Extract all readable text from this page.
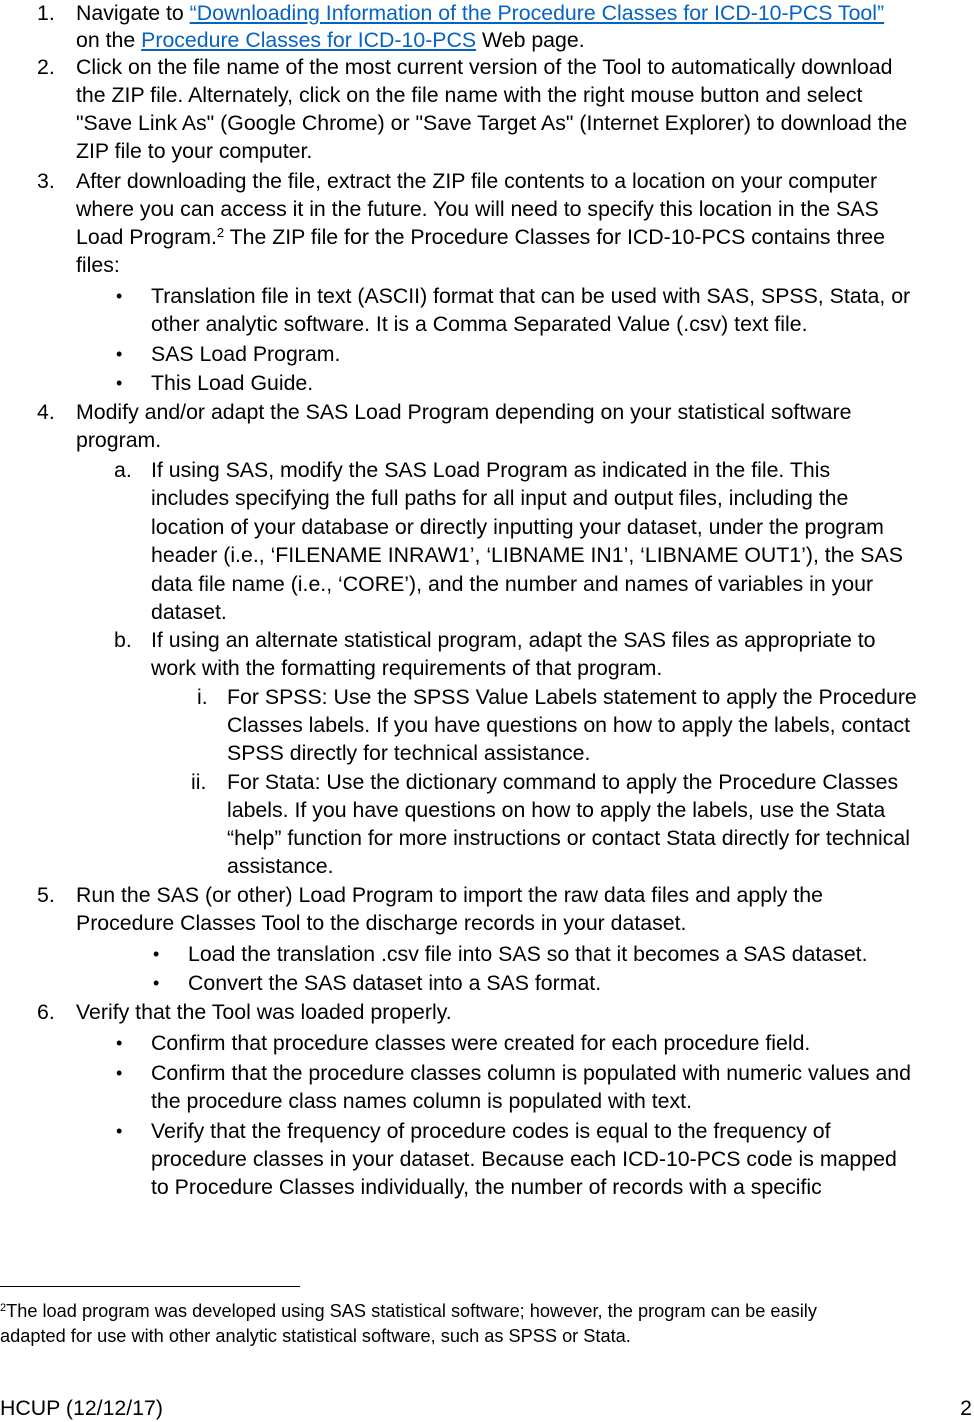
1. Navigate to “Downloading Information of the Procedure Classes for ICD-10-PCS Tool”
on the Procedure Classes for ICD-10-PCS Web page.
2. Click on the file name of the most current version of the Tool to automatically download
the ZIP file. Alternately, click on the file name with the right mouse button and select
"Save Link As" (Google Chrome) or "Save Target As" (Internet Explorer) to download the
ZIP file to your computer.
3. After downloading the file, extract the ZIP file contents to a location on your computer
where you can access it in the future. You will need to specify this location in the SAS
Load Program.$^2$ The ZIP file for the Procedure Classes for ICD-10-PCS contains three
files:
• Translation file in text (ASCII) format that can be used with SAS, SPSS, Stata, or
other analytic software. It is a Comma Separated Value (.csv) text file.
• SAS Load Program.
• This Load Guide.
4. Modify and/or adapt the SAS Load Program depending on your statistical software
program.
a. If using SAS, modify the SAS Load Program as indicated in the file. This
includes specifying the full paths for all input and output files, including the
location of your database or directly inputting your dataset, under the program
header (i.e., ‘FILENAME INRAW1’, ‘LIBNAME IN1’, ‘LIBNAME OUT1’), the SAS
data file name (i.e., ‘CORE’), and the number and names of variables in your
dataset.
b. If using an alternate statistical program, adapt the SAS files as appropriate to
work with the formatting requirements of that program.
i. For SPSS: Use the SPSS Value Labels statement to apply the Procedure
Classes labels. If you have questions on how to apply the labels, contact
SPSS directly for technical assistance.
ii. For Stata: Use the dictionary command to apply the Procedure Classes
labels. If you have questions on how to apply the labels, use the Stata
“help” function for more instructions or contact Stata directly for technical
assistance.
5. Run the SAS (or other) Load Program to import the raw data files and apply the
Procedure Classes Tool to the discharge records in your dataset.
• Load the translation .csv file into SAS so that it becomes a SAS dataset.
• Convert the SAS dataset into a SAS format.
6. Verify that the Tool was loaded properly.
• Confirm that procedure classes were created for each procedure field.
• Confirm that the procedure classes column is populated with numeric values and
the procedure class names column is populated with text.
• Verify that the frequency of procedure codes is equal to the frequency of
procedure classes in your dataset. Because each ICD-10-PCS code is mapped
to Procedure Classes individually, the number of records with a specific
$^2$The load program was developed using SAS statistical software; however, the program can be easily
adapted for use with other analytic statistical software, such as SPSS or Stata.
HCUP (12/12/17)	2
